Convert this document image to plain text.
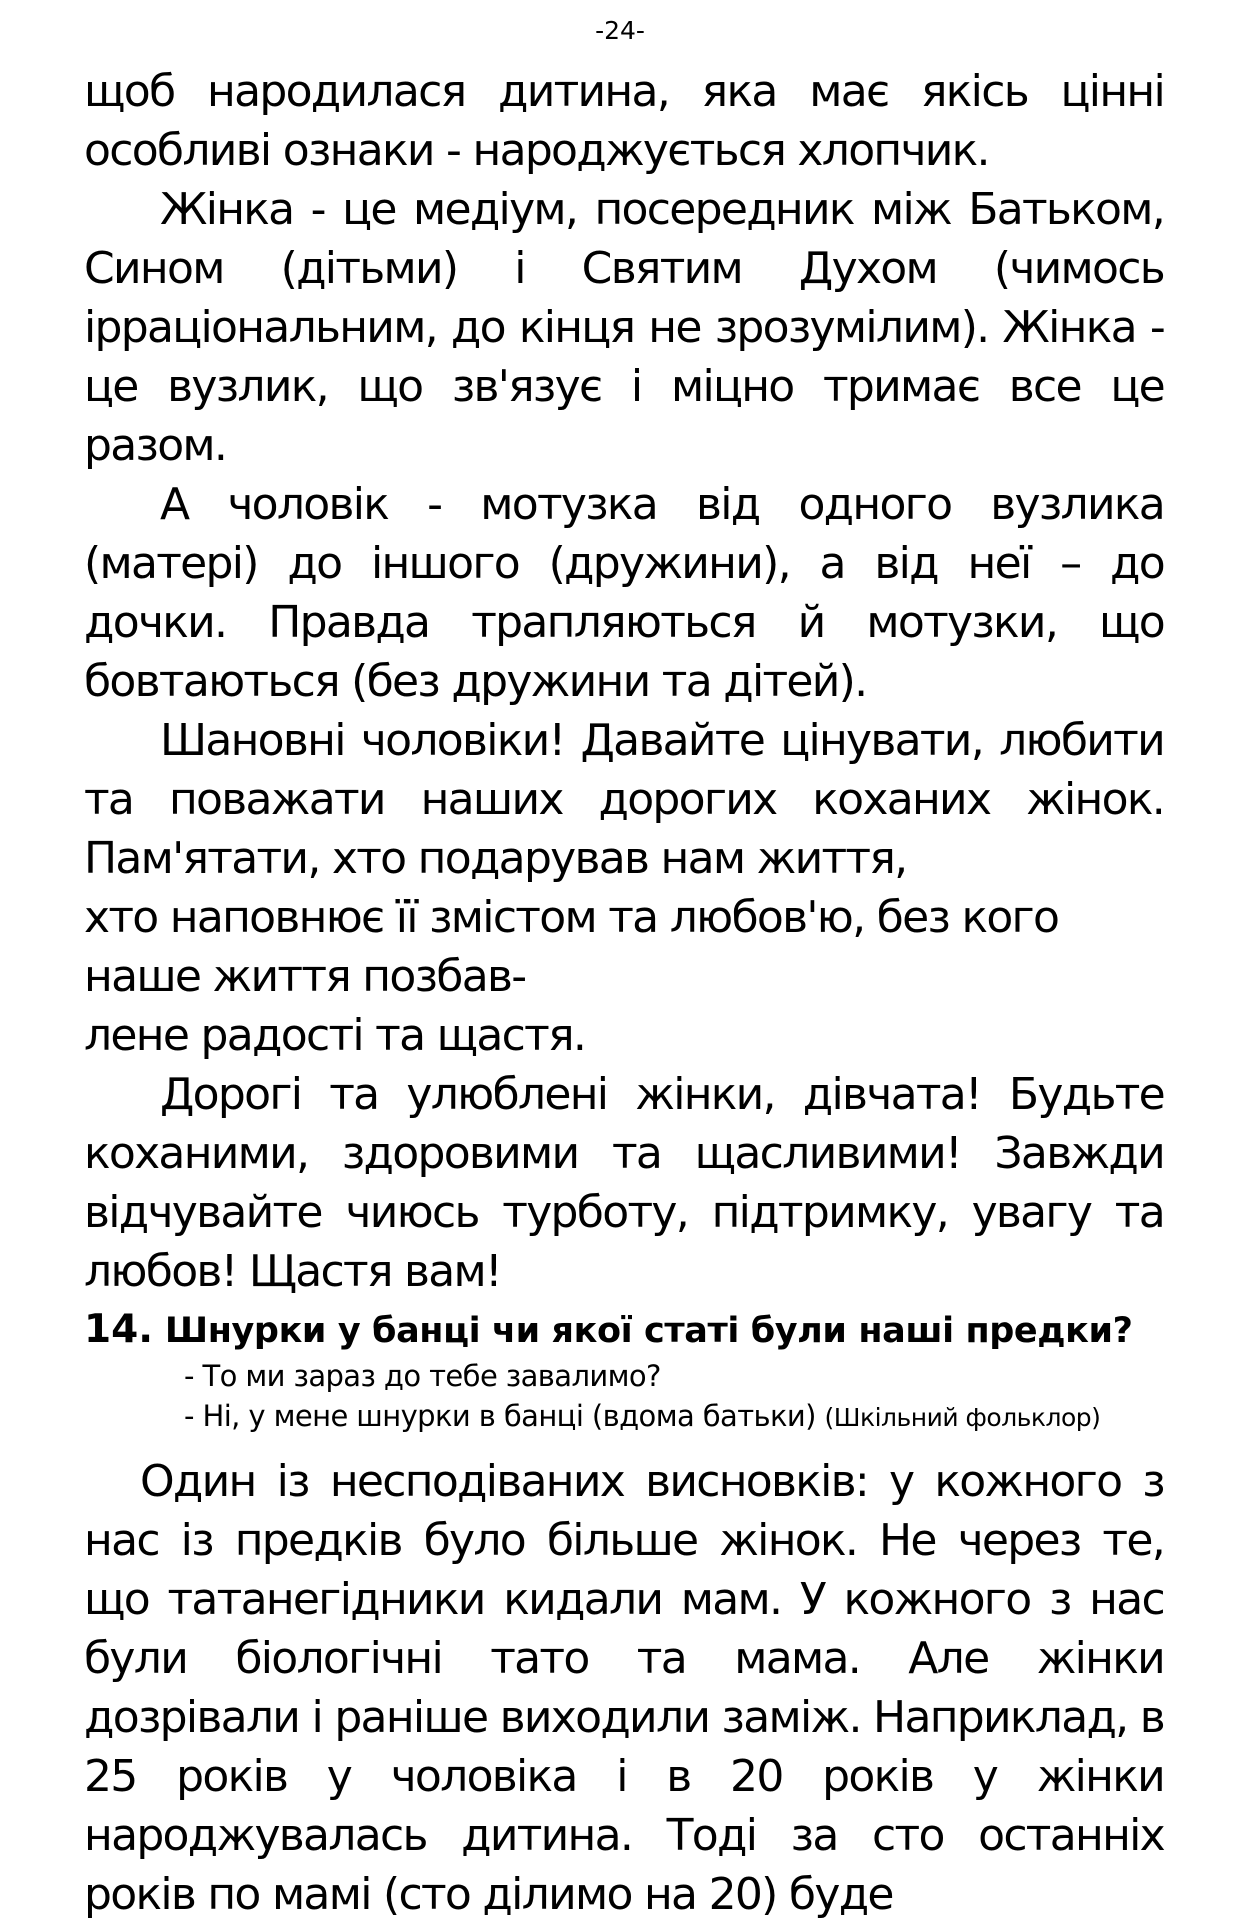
-24-

щоб народилася дитина, яка має якісь цінні особливі ознаки - народжується хлопчик.

Жінка - це медіум, посередник між Батьком, Сином (дітьми) і Святим Духом (чимось ірраціональним, до кінця не зрозумілим). Жінка - це вузлик, що зв'язує і міцно тримає все це разом.

А чоловік - мотузка від одного вузлика (матері) до іншого (дружини), а від неї – до дочки. Правда трапляються й мотузки, що бовтаються (без дружини та дітей).

Шановні чоловіки! Давайте цінувати, любити та поважати наших дорогих коханих жінок. Пам'ятати, хто подарував нам життя,

хто наповнює її змістом та любов'ю, без кого наше життя позбав-

лене радості та щастя.

Дорогі та улюблені жінки, дівчата! Будьте коханими, здоровими та щасливими! Завжди відчувайте чиюсь турботу, підтримку, увагу та любов! Щастя вам!

14. Шнурки у банці чи якої статі були наші предки?
- То ми зараз до тебе завалимо?
- Ні, у мене шнурки в банці (вдома батьки) (Шкільний фольклор)

Один із несподіваних висновків: у кожного з нас із предків було більше жінок. Не через те, що татанегідники кидали мам. У кожного з нас були біологічні тато та мама. Але жінки дозрівали і раніше виходили заміж. Наприклад, в 25 років у чоловіка і в 20 років у жінки народжувалась дитина. Тоді за сто останніх років по мамі (сто ділимо на 20) буде
